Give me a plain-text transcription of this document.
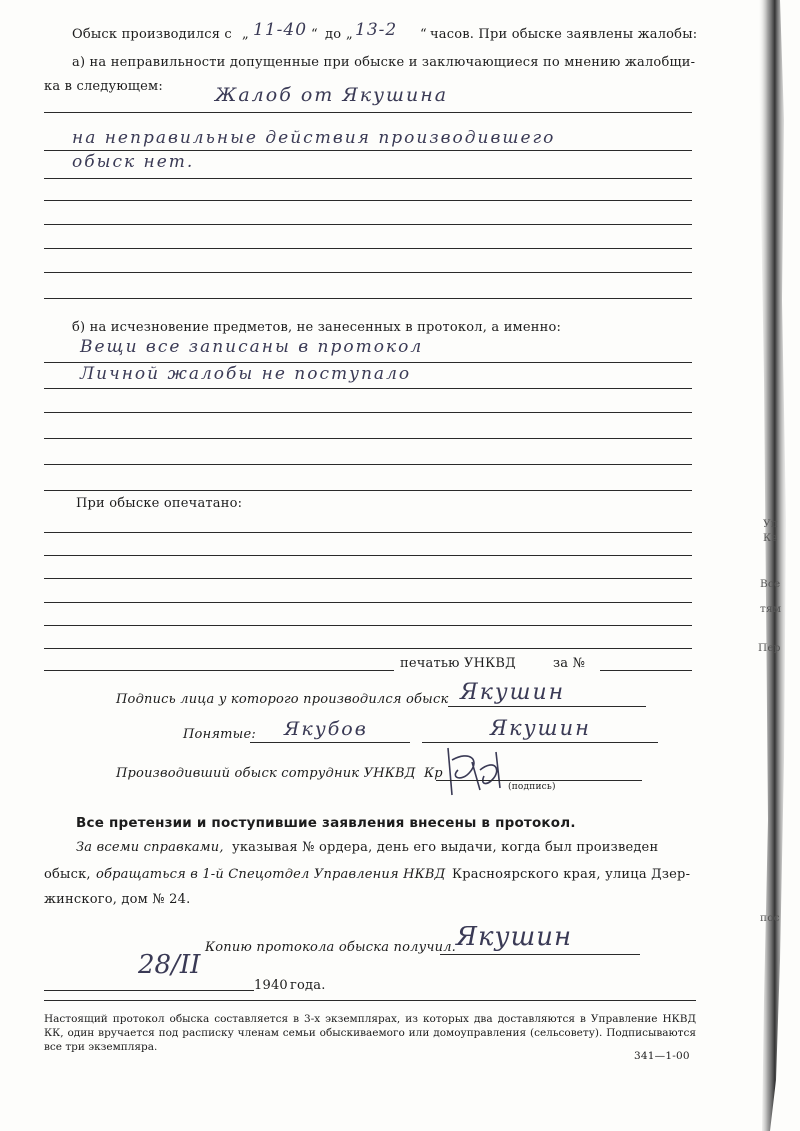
Уп
Кв
Все
тям
Пер
пос
Обыск производился с „ 11-40 “ до „ 13-2 “ часов. При обыске заявлены жалобы:
а) на неправильности допущенные при обыске и заключающиеся по мнению жалобщи-
ка в следующем:	Жалоб от Якушина
на неправильные действия производившего
обыск нет.
б) на исчезновение предметов, не занесенных в протокол, а именно:
Вещи все записаны в протокол
Личной жалобы не поступало
При обыске опечатано:
печатью УНКВД	за №
Подпись лица у которого производился обыск Якушин
Понятые: Якубов	Якушин
Производивший обыск сотрудник УНКВД Кр
(подпись)
Все претензии и поступившие заявления внесены в протокол.
За всеми справками, указывая № ордера, день его выдачи, когда был произведен
обыск, обращаться в 1-й Спецотдел Управления НКВД Красноярского края, улица Дзер-
жинского, дом № 24.
Копию протокола обыска получил. Якушин
28/II
1940 года.
Настоящий протокол обыска составляется в 3-х экземплярах, из которых два доставляются в Управление НКВД КК, один вручается под расписку членам семьи обыскиваемого или домоуправления (сельсовету). Подписываются все три экземпляра.
341—1-00
